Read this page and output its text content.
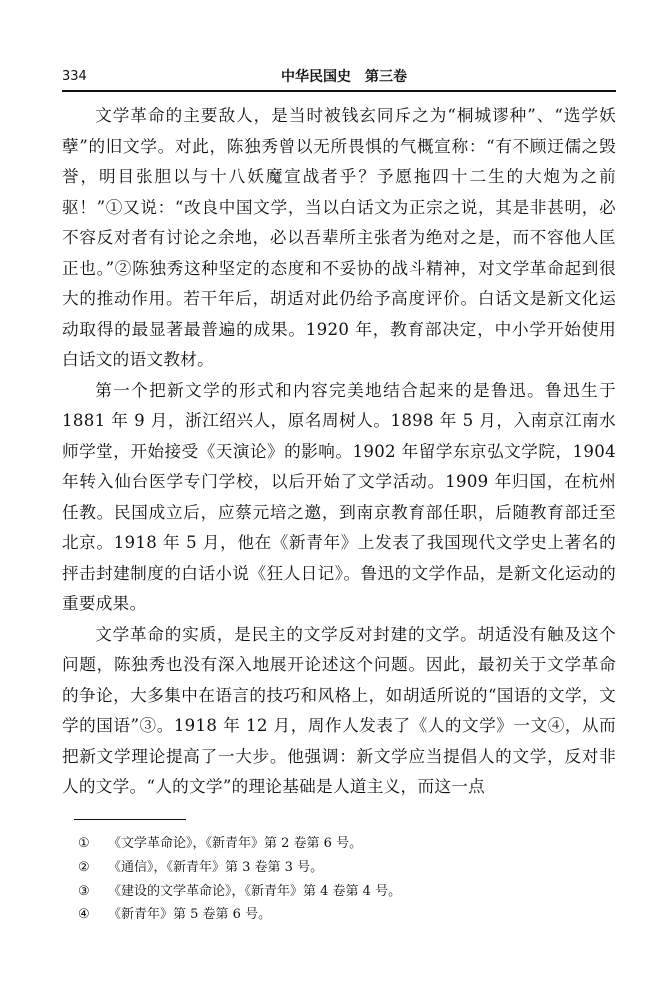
334	中华民国史　第三卷

文学革命的主要敌人，是当时被钱玄同斥之为“桐城谬种”、“选学妖孽”的旧文学。对此，陈独秀曾以无所畏惧的气概宣称：“有不顾迂儒之毁誉，明目张胆以与十八妖魔宣战者乎？予愿拖四十二生的大炮为之前驱！”①又说：“改良中国文学，当以白话文为正宗之说，其是非甚明，必不容反对者有讨论之余地，必以吾辈所主张者为绝对之是，而不容他人匡正也。”②陈独秀这种坚定的态度和不妥协的战斗精神，对文学革命起到很大的推动作用。若干年后，胡适对此仍给予高度评价。白话文是新文化运动取得的最显著最普遍的成果。1920 年，教育部决定，中小学开始使用白话文的语文教材。

第一个把新文学的形式和内容完美地结合起来的是鲁迅。鲁迅生于 1881 年 9 月，浙江绍兴人，原名周树人。1898 年 5 月，入南京江南水师学堂，开始接受《天演论》的影响。1902 年留学东京弘文学院，1904 年转入仙台医学专门学校，以后开始了文学活动。1909 年归国，在杭州任教。民国成立后，应蔡元培之邀，到南京教育部任职，后随教育部迁至北京。1918 年 5 月，他在《新青年》上发表了我国现代文学史上著名的抨击封建制度的白话小说《狂人日记》。鲁迅的文学作品，是新文化运动的重要成果。

文学革命的实质，是民主的文学反对封建的文学。胡适没有触及这个问题，陈独秀也没有深入地展开论述这个问题。因此，最初关于文学革命的争论，大多集中在语言的技巧和风格上，如胡适所说的“国语的文学，文学的国语”③。1918 年 12 月，周作人发表了《人的文学》一文④，从而把新文学理论提高了一大步。他强调：新文学应当提倡人的文学，反对非人的文学。“人的文学”的理论基础是人道主义，而这一点

①	《文学革命论》，《新青年》第 2 卷第 6 号。
②	《通信》，《新青年》第 3 卷第 3 号。
③	《建设的文学革命论》，《新青年》第 4 卷第 4 号。
④	《新青年》第 5 卷第 6 号。
